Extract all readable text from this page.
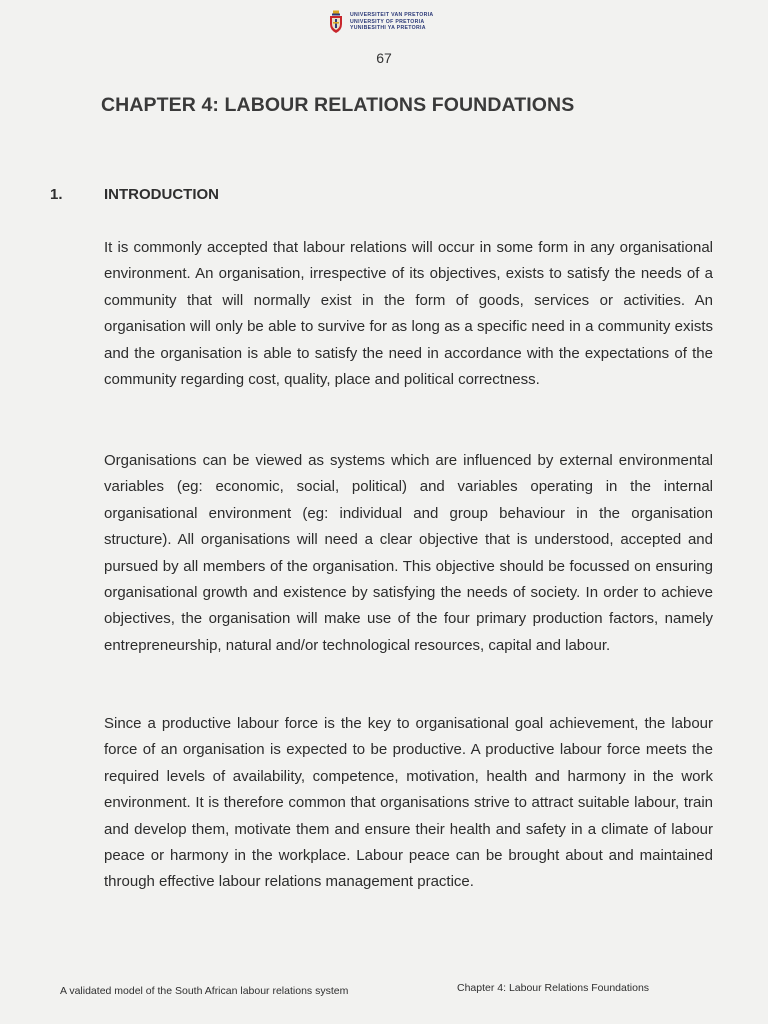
UNIVERSITEIT VAN PRETORIA
UNIVERSITY OF PRETORIA
YUNIBESITHI YA PRETORIA
67
CHAPTER 4: LABOUR RELATIONS FOUNDATIONS
1.	INTRODUCTION

It is commonly accepted that labour relations will occur in some form in any organisational environment. An organisation, irrespective of its objectives, exists to satisfy the needs of a community that will normally exist in the form of goods, services or activities. An organisation will only be able to survive for as long as a specific need in a community exists and the organisation is able to satisfy the need in accordance with the expectations of the community regarding cost, quality, place and political correctness.

Organisations can be viewed as systems which are influenced by external environmental variables (eg: economic, social, political) and variables operating in the internal organisational environment (eg: individual and group behaviour in the organisation structure). All organisations will need a clear objective that is understood, accepted and pursued by all members of the organisation. This objective should be focussed on ensuring organisational growth and existence by satisfying the needs of society. In order to achieve objectives, the organisation will make use of the four primary production factors, namely entrepreneurship, natural and/or technological resources, capital and labour.

Since a productive labour force is the key to organisational goal achievement, the labour force of an organisation is expected to be productive. A productive labour force meets the required levels of availability, competence, motivation, health and harmony in the work environment. It is therefore common that organisations strive to attract suitable labour, train and develop them, motivate them and ensure their health and safety in a climate of labour peace or harmony in the workplace. Labour peace can be brought about and maintained through effective labour relations management practice.

A validated model of the South African labour relations system	Chapter 4: Labour Relations Foundations
